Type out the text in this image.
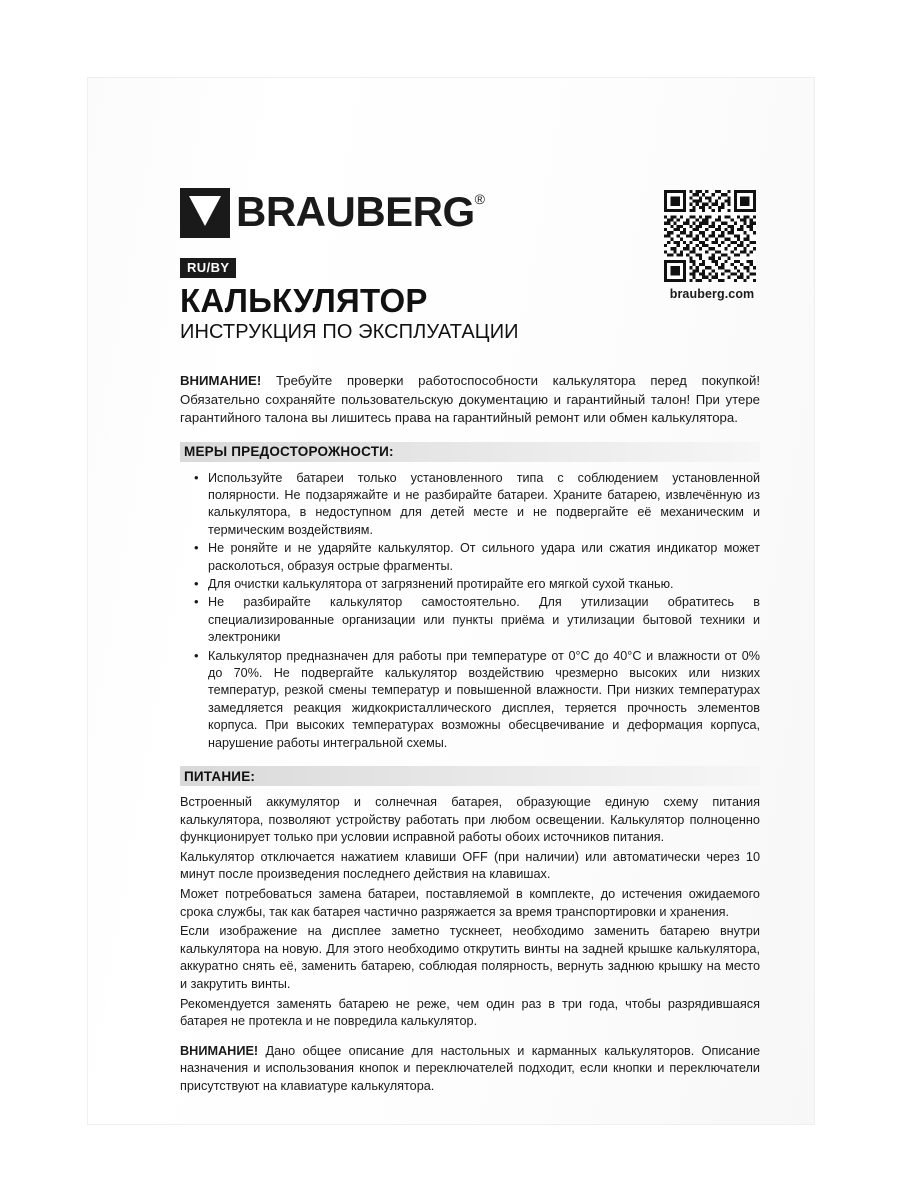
BRAUBERG®
brauberg.com
RU/BY
КАЛЬКУЛЯТОР
ИНСТРУКЦИЯ ПО ЭКСПЛУАТАЦИИ

ВНИМАНИЕ! Требуйте проверки работоспособности калькулятора перед покупкой! Обязательно сохраняйте пользовательскую документацию и гарантийный талон! При утере гарантийного талона вы лишитесь права на гарантийный ремонт или обмен калькулятора.

МЕРЫ ПРЕДОСТОРОЖНОСТИ:
• Используйте батареи только установленного типа с соблюдением установленной полярности. Не подзаряжайте и не разбирайте батареи. Храните батарею, извлечённую из калькулятора, в недоступном для детей месте и не подвергайте её механическим и термическим воздействиям.
• Не роняйте и не ударяйте калькулятор. От сильного удара или сжатия индикатор может расколоться, образуя острые фрагменты.
• Для очистки калькулятора от загрязнений протирайте его мягкой сухой тканью.
• Не разбирайте калькулятор самостоятельно. Для утилизации обратитесь в специализированные организации или пункты приёма и утилизации бытовой техники и электроники
• Калькулятор предназначен для работы при температуре от 0°С до 40°С и влажности от 0% до 70%. Не подвергайте калькулятор воздействию чрезмерно высоких или низких температур, резкой смены температур и повышенной влажности. При низких температурах замедляется реакция жидкокристаллического дисплея, теряется прочность элементов корпуса. При высоких температурах возможны обесцвечивание и деформация корпуса, нарушение работы интегральной схемы.
ПИТАНИЕ:

Встроенный аккумулятор и солнечная батарея, образующие единую схему питания калькулятора, позволяют устройству работать при любом освещении. Калькулятор полноценно функционирует только при условии исправной работы обоих источников питания.

Калькулятор отключается нажатием клавиши OFF (при наличии) или автоматически через 10 минут после произведения последнего действия на клавишах.

Может потребоваться замена батареи, поставляемой в комплекте, до истечения ожидаемого срока службы, так как батарея частично разряжается за время транспортировки и хранения.

Если изображение на дисплее заметно тускнеет, необходимо заменить батарею внутри калькулятора на новую. Для этого необходимо открутить винты на задней крышке калькулятора, аккуратно снять её, заменить батарею, соблюдая полярность, вернуть заднюю крышку на место и закрутить винты.

Рекомендуется заменять батарею не реже, чем один раз в три года, чтобы разрядившаяся батарея не протекла и не повредила калькулятор.

ВНИМАНИЕ! Дано общее описание для настольных и карманных калькуляторов. Описание назначения и использования кнопок и переключателей подходит, если кнопки и переключатели присутствуют на клавиатуре калькулятора.
